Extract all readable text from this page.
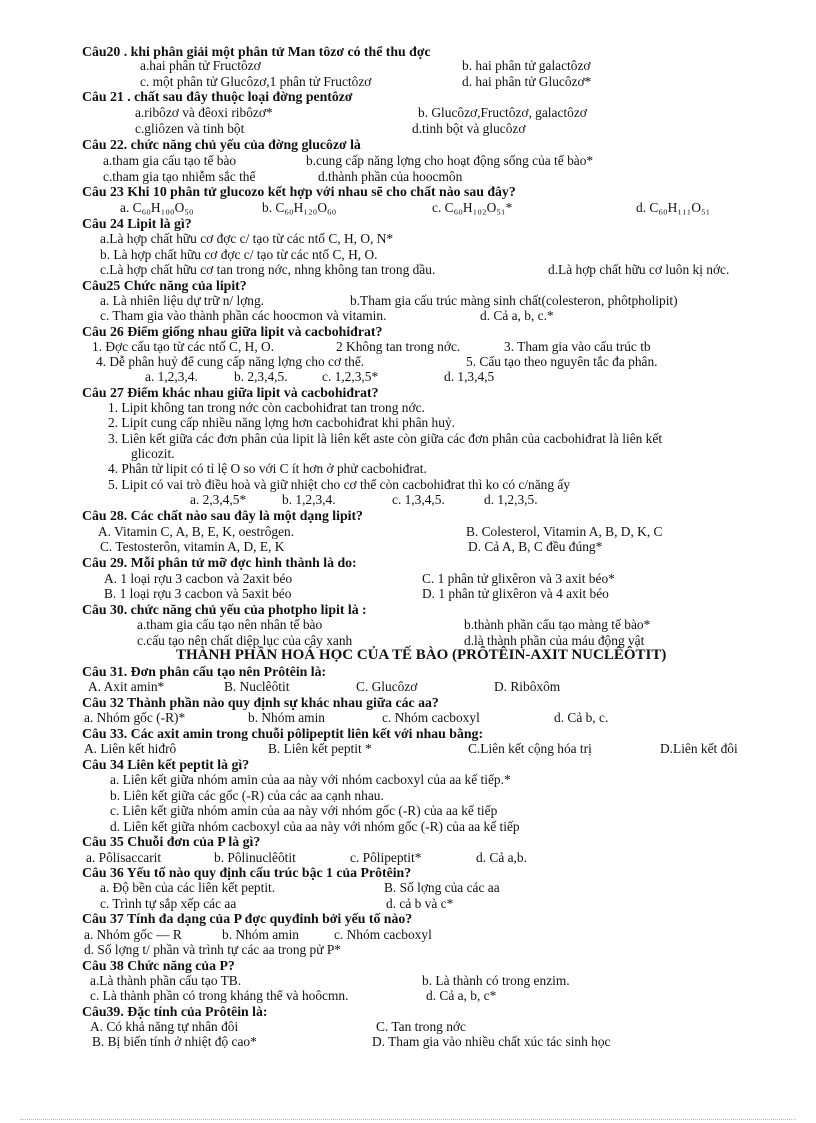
Câu20 . khi phân giải một phân tử Man tôzơ có thể thu đợc
a.hai phân tử Fructôzơ	b. hai phân tử galactôzơ
c. một phân tử Glucôzơ,1 phân tử Fructôzơ	d. hai phân tử Glucôzơ*
Câu 21 . chất sau đây thuộc loại đờng pentôzơ
a.ribôzơ và đêoxi ribôzơ*	b. Glucôzơ,Fructôzơ, galactôzơ
c.gliôzen và tinh bột	d.tinh bột và glucôzơ
Câu 22. chức năng chủ yếu của đờng glucôzơ là
a.tham gia cấu tạo tế bào	b.cung cấp năng lợng cho hoạt động sống của tế bào*
c.tham gia tạo nhiễm sắc thể	d.thành phần của hoocmôn
Câu 23 Khi 10 phân tử glucozo kết hợp với nhau sẽ cho chất nào sau đây?
a. C₆₀H₁₀₀O₅₀	b. C₆₀H₁₂₀O₆₀	c. C₆₀H₁₀₂O₅₁*	d. C₆₀H₁₁₁O₅₁
Câu 24 Lipit là gì?
a.Là hợp chất hữu cơ đợc c/ tạo từ các ntố C, H, O, N*
b. Là hợp chất hữu cơ đợc c/ tạo từ các ntố C, H, O.
c.Là hợp chất hữu cơ tan trong nớc, nhng không tan trong dầu.	d.Là hợp chất hữu cơ luôn kị nớc.
Câu25 Chức năng của lipit?
a. Là nhiên liệu dự trữ n/ lợng.	b.Tham gia cấu trúc màng sinh chất(colesteron, phôtpholipit)
c. Tham gia vào thành phần các hoocmon và vitamin.	d. Cả a, b, c.*
Câu 26 Điểm giống nhau giữa lipit và cacbohiđrat?
1. Đợc cấu tạo từ các ntố C, H, O.	2 Không tan trong nớc.	3. Tham gia vào cấu trúc tb
4. Dễ phân huỷ để cung cấp năng lợng cho cơ thể.	5. Cấu tạo theo nguyên tắc đa phân.
a. 1,2,3,4.	b. 2,3,4,5.	c. 1,2,3,5*	d. 1,3,4,5
Câu 27 Điểm khác nhau giữa lipit và cacbohiđrat?
1. Lipit không tan trong nớc còn cacbohiđrat tan trong nớc.
2. Lipit cung cấp nhiều năng lợng hơn cacbohiđrat khi phân huỷ.
3. Liên kết giữa các đơn phân của lipit là liên kết aste còn giữa các đơn phân của cacbohiđrat là liên kết
glicozit.
4. Phân tử lipit có tỉ lệ O so với C ít hơn ở phử cacbohiđrat.
5. Lipit có vai trò điều hoà và giữ nhiệt cho cơ thể còn cacbohiđrat thì ko có c/năng ấy
a. 2,3,4,5*	b. 1,2,3,4.	c. 1,3,4,5.	d. 1,2,3,5.
Câu 28. Các chất nào sau đây là một dạng lipit?
A. Vitamin C, A, B, E, K, oestrôgen.	B. Colesterol, Vitamin A, B, D, K, C
C. Testosterôn, vitamin A, D, E, K	D. Cả A, B, C đều đúng*
Câu 29. Mỗi phân tử mỡ đợc hình thành là do:
A. 1 loại rợu 3 cacbon và 2axit béo	C. 1 phân tử glixêron và 3 axit béo*
B. 1 loại rợu 3 cacbon và 5axit béo	D. 1 phân tử glixêron và 4 axit béo
Câu 30. chức năng chủ yếu của photpho lipit là :
a.tham gia cấu tạo nên nhân tế bào	b.thành phần cấu tạo màng tế bào*
c.cấu tạo nên chất diệp lục của cây xanh	d.là thành phần của máu động vật
THÀNH PHẦN HOÁ HỌC CỦA TẾ BÀO (PRÔTÊIN-AXIT NUCLÊÔTIT)
Câu 31. Đơn phân cấu tạo nên Prôtêin là:
A. Axit amin*	B. Nuclêôtit	C. Glucôzơ	D. Ribôxôm
Câu 32 Thành phần nào quy định sự khác nhau giữa các aa?
a. Nhóm gốc (-R)*	b. Nhóm amin	c. Nhóm cacboxyl	d. Cả b, c.
Câu 33. Các axit amin trong chuỗi pôlipeptit liên kết với nhau bằng:
A. Liên kết hiđrô	B. Liên kết peptit *	C.Liên kết cộng hóa trị	D.Liên kết đôi
Câu 34 Liên kết peptit là gì?
a. Liên kết giữa nhóm amin của aa này với nhóm cacboxyl của aa kế tiếp.*
b. Liên kết giữa các gốc (-R) của các aa cạnh nhau.
c. Liên kết giữa nhóm amin của aa này với nhóm gốc (-R) của aa kế tiếp
d. Liên kết giữa nhóm cacboxyl của aa này với nhóm gốc (-R) của aa kế tiếp
Câu 35 Chuỗi đơn của P là gì?
a. Pôlisaccarit	b. Pôlinuclêôtit	c. Pôlipeptit*	d. Cả a,b.
Câu 36 Yếu tố nào quy định cấu trúc bậc 1 của Prôtêin?
a. Độ bền của các liên kết peptit.	B. Số lợng của các aa
c. Trình tự sắp xếp các aa	d. cả b và c*
Câu 37 Tính đa dạng của P đợc quyđinh bởi yếu tố nào?
a. Nhóm gốc — R	b. Nhóm amin	c. Nhóm cacboxyl
d. Số lợng t/ phần và trình tự các aa trong pử P*
Câu 38 Chức năng của P?
a.Là thành phần cấu tạo TB.	b. Là thành có trong enzim.
c. Là thành phần có trong kháng thể và hoôcmn.	d. Cả a, b, c*
Câu39. Đặc tính của Prôtêin là:
A. Có khả năng tự nhân đôi	C. Tan trong nớc
B. Bị biến tính ở nhiệt độ cao*	D. Tham gia vào nhiều chất xúc tác sinh học
